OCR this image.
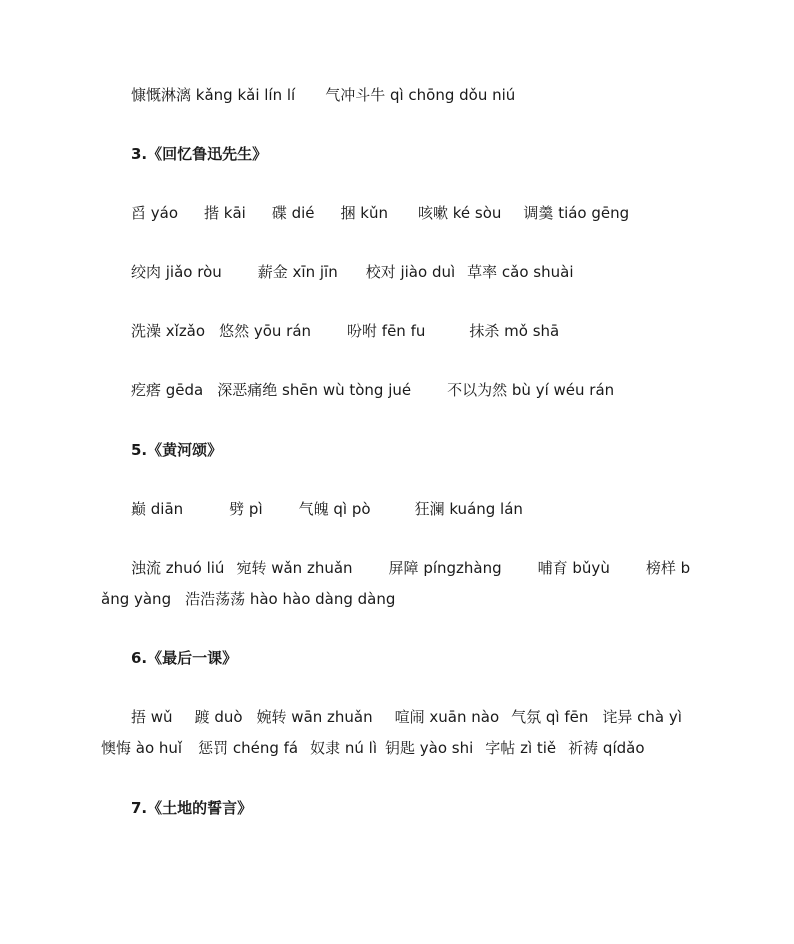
慷慨淋漓 kǎng kǎi lín lí 气冲斗牛 qì chōng dǒu niú
3.《回忆鲁迅先生》
舀 yáo 揩 kāi 碟 dié 捆 kǔn 咳嗽 ké sòu 调羹 tiáo gēng
绞肉 jiǎo ròu 薪金 xīn jīn 校对 jiào duì 草率 cǎo shuài
洗澡 xǐzǎo 悠然 yōu rán 吩咐 fēn fu	抹杀 mǒ shā
疙瘩 gēda 深恶痛绝 shēn wù tòng jué 不以为然 bù yí wéu rán
5.《黄河颂》
巅 diān	劈 pì 气魄 qì pò	狂澜 kuáng lán
浊流 zhuó liú 宛转 wǎn zhuǎn 屏障 píngzhàng 哺育 bǔyù 榜样 b
ǎng yàng 浩浩荡荡 hào hào dàng dàng
6.《最后一课》
捂 wǔ 踱 duò 婉转 wān zhuǎn 喧闹 xuān nào 气氛 qì fēn 诧异 chà yì
懊悔 ào huǐ 惩罚 chéng fá 奴隶 nú lì 钥匙 yào shi 字帖 zì tiě 祈祷 qídǎo
7.《土地的誓言》
